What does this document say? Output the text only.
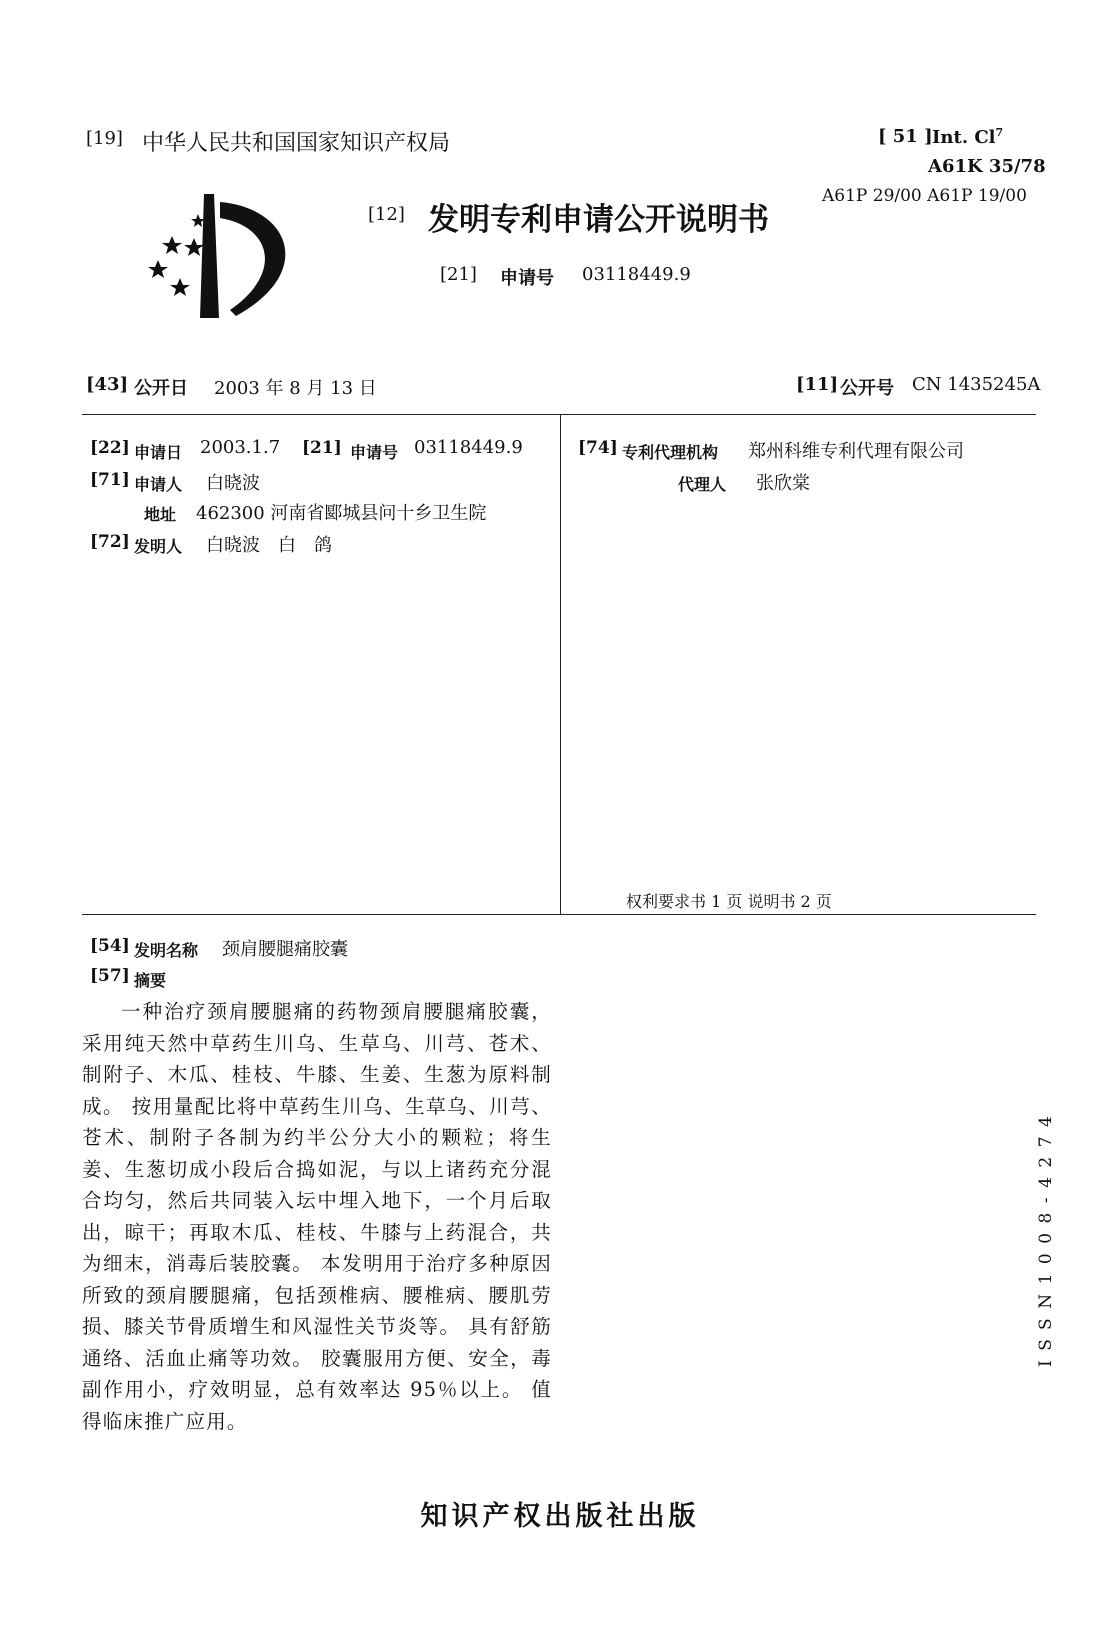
[19] 中华人民共和国国家知识产权局
[12] 发明专利申请公开说明书
[21] 申请号 03118449.9
[ 51 ] Int. Cl$^7$
A61K 35/78
A61P 29/00 A61P 19/00
[43] 公开日 2003 年 8 月 13 日	[11] 公开号 CN 1435245A
[22] 申请日 2003.1.7 [21] 申请号 03118449.9
[71] 申请人 白晓波
地址 462300 河南省郾城县问十乡卫生院
[72] 发明人 白晓波　白　鸽
[74] 专利代理机构 郑州科维专利代理有限公司
代理人 张欣棠
权利要求书 1 页 说明书 2 页
[54] 发明名称 颈肩腰腿痛胶囊
[57] 摘要
一种治疗颈肩腰腿痛的药物颈肩腰腿痛胶囊，采用纯天然中草药生川乌、生草乌、川芎、苍术、制附子、木瓜、桂枝、牛膝、生姜、生葱为原料制成。 按用量配比将中草药生川乌、生草乌、川芎、苍术、制附子各制为约半公分大小的颗粒；将生姜、生葱切成小段后合捣如泥，与以上诸药充分混合均匀，然后共同装入坛中埋入地下，一个月后取出，晾干；再取木瓜、桂枝、牛膝与上药混合，共为细末，消毒后装胶囊。 本发明用于治疗多种原因所致的颈肩腰腿痛，包括颈椎病、腰椎病、腰肌劳损、膝关节骨质增生和风湿性关节炎等。 具有舒筋通络、活血止痛等功效。 胶囊服用方便、安全，毒副作用小，疗效明显，总有效率达 95％以上。 值得临床推广应用。
ISSN1008-4274
知识产权出版社出版
